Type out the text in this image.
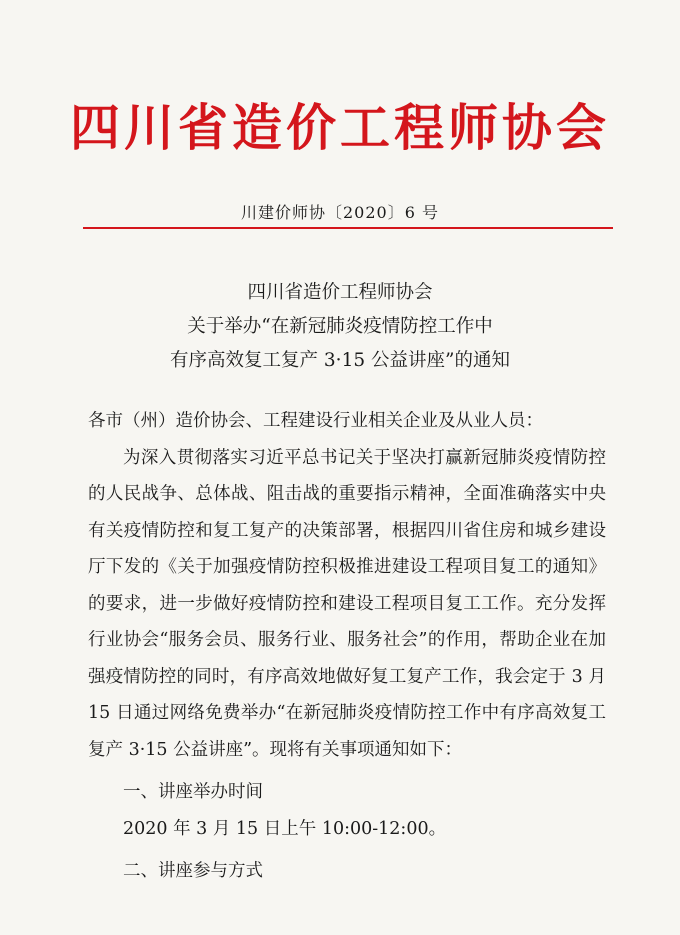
四川省造价工程师协会
川建价师协〔2020〕6 号
四川省造价工程师协会
关于举办“在新冠肺炎疫情防控工作中
有序高效复工复产 3·15 公益讲座”的通知
各市（州）造价协会、工程建设行业相关企业及从业人员：
为深入贯彻落实习近平总书记关于坚决打赢新冠肺炎疫情防控的人民战争、总体战、阻击战的重要指示精神，全面准确落实中央有关疫情防控和复工复产的决策部署，根据四川省住房和城乡建设厅下发的《关于加强疫情防控积极推进建设工程项目复工的通知》的要求，进一步做好疫情防控和建设工程项目复工工作。充分发挥行业协会“服务会员、服务行业、服务社会”的作用，帮助企业在加强疫情防控的同时，有序高效地做好复工复产工作，我会定于 3 月 15 日通过网络免费举办“在新冠肺炎疫情防控工作中有序高效复工复产 3·15 公益讲座”。现将有关事项通知如下：
一、讲座举办时间
2020 年 3 月 15 日上午 10:00-12:00。
二、讲座参与方式
